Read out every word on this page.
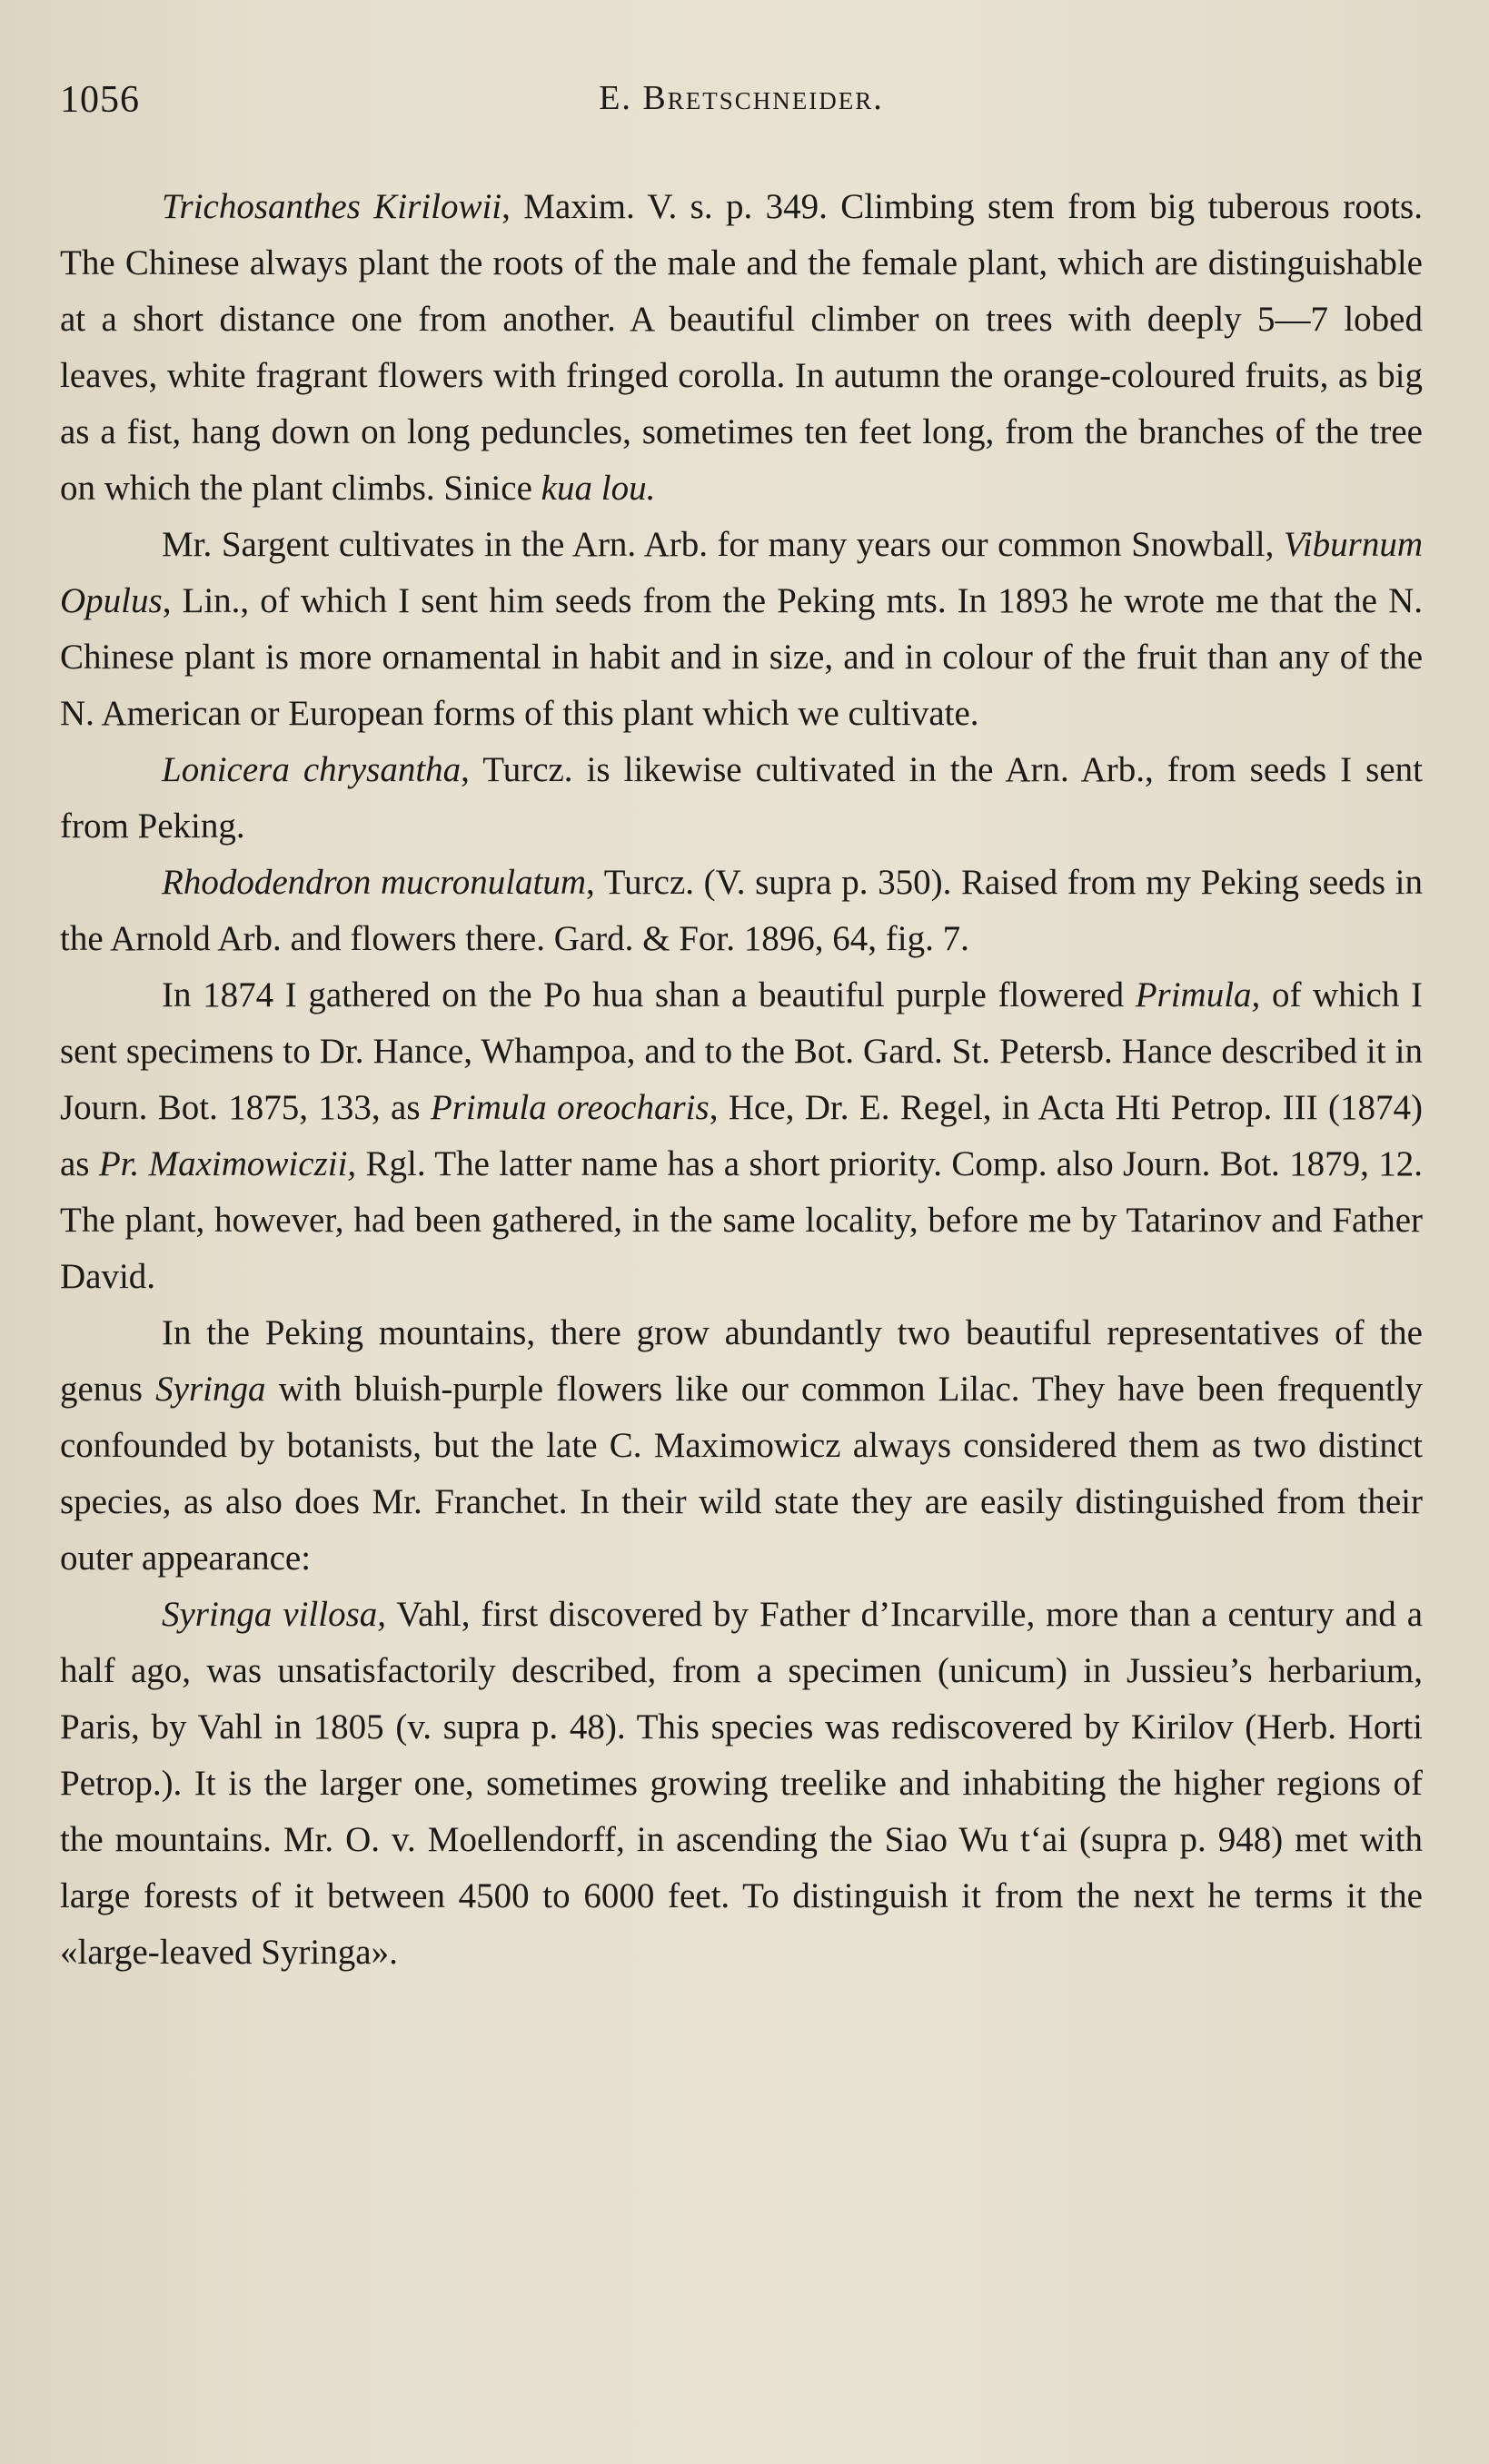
1056	E. Bretschneider.

Trichosanthes Kirilowii, Maxim. V. s. p. 349. Climbing stem from big tuberous roots. The Chinese always plant the roots of the male and the female plant, which are distinguishable at a short distance one from another. A beautiful climber on trees with deeply 5—7 lobed leaves, white fragrant flowers with fringed corolla. In autumn the orange-coloured fruits, as big as a fist, hang down on long peduncles, sometimes ten feet long, from the branches of the tree on which the plant climbs. Sinice kua lou.

Mr. Sargent cultivates in the Arn. Arb. for many years our common Snowball, Viburnum Opulus, Lin., of which I sent him seeds from the Peking mts. In 1893 he wrote me that the N. Chinese plant is more ornamental in habit and in size, and in colour of the fruit than any of the N. American or European forms of this plant which we cultivate.

Lonicera chrysantha, Turcz. is likewise cultivated in the Arn. Arb., from seeds I sent from Peking.

Rhododendron mucronulatum, Turcz. (V. supra p. 350). Raised from my Peking seeds in the Arnold Arb. and flowers there. Gard. & For. 1896, 64, fig. 7.

In 1874 I gathered on the Po hua shan a beautiful purple flowered Primula, of which I sent specimens to Dr. Hance, Whampoa, and to the Bot. Gard. St. Petersb. Hance described it in Journ. Bot. 1875, 133, as Primula oreocharis, Hce, Dr. E. Regel, in Acta Hti Petrop. III (1874) as Pr. Maximowiczii, Rgl. The latter name has a short priority. Comp. also Journ. Bot. 1879, 12. The plant, however, had been gathered, in the same locality, before me by Tatarinov and Father David.

In the Peking mountains, there grow abundantly two beautiful representatives of the genus Syringa with bluish-purple flowers like our common Lilac. They have been frequently confounded by botanists, but the late C. Maximowicz always considered them as two distinct species, as also does Mr. Franchet. In their wild state they are easily distinguished from their outer appearance:

Syringa villosa, Vahl, first discovered by Father d’Incarville, more than a century and a half ago, was unsatisfactorily described, from a specimen (unicum) in Jussieu’s herbarium, Paris, by Vahl in 1805 (v. supra p. 48). This species was rediscovered by Kirilov (Herb. Horti Petrop.). It is the larger one, sometimes growing treelike and inhabiting the higher regions of the mountains. Mr. O. v. Moellendorff, in ascending the Siao Wu t‘ai (supra p. 948) met with large forests of it between 4500 to 6000 feet. To distinguish it from the next he terms it the «large-leaved Syringa».
